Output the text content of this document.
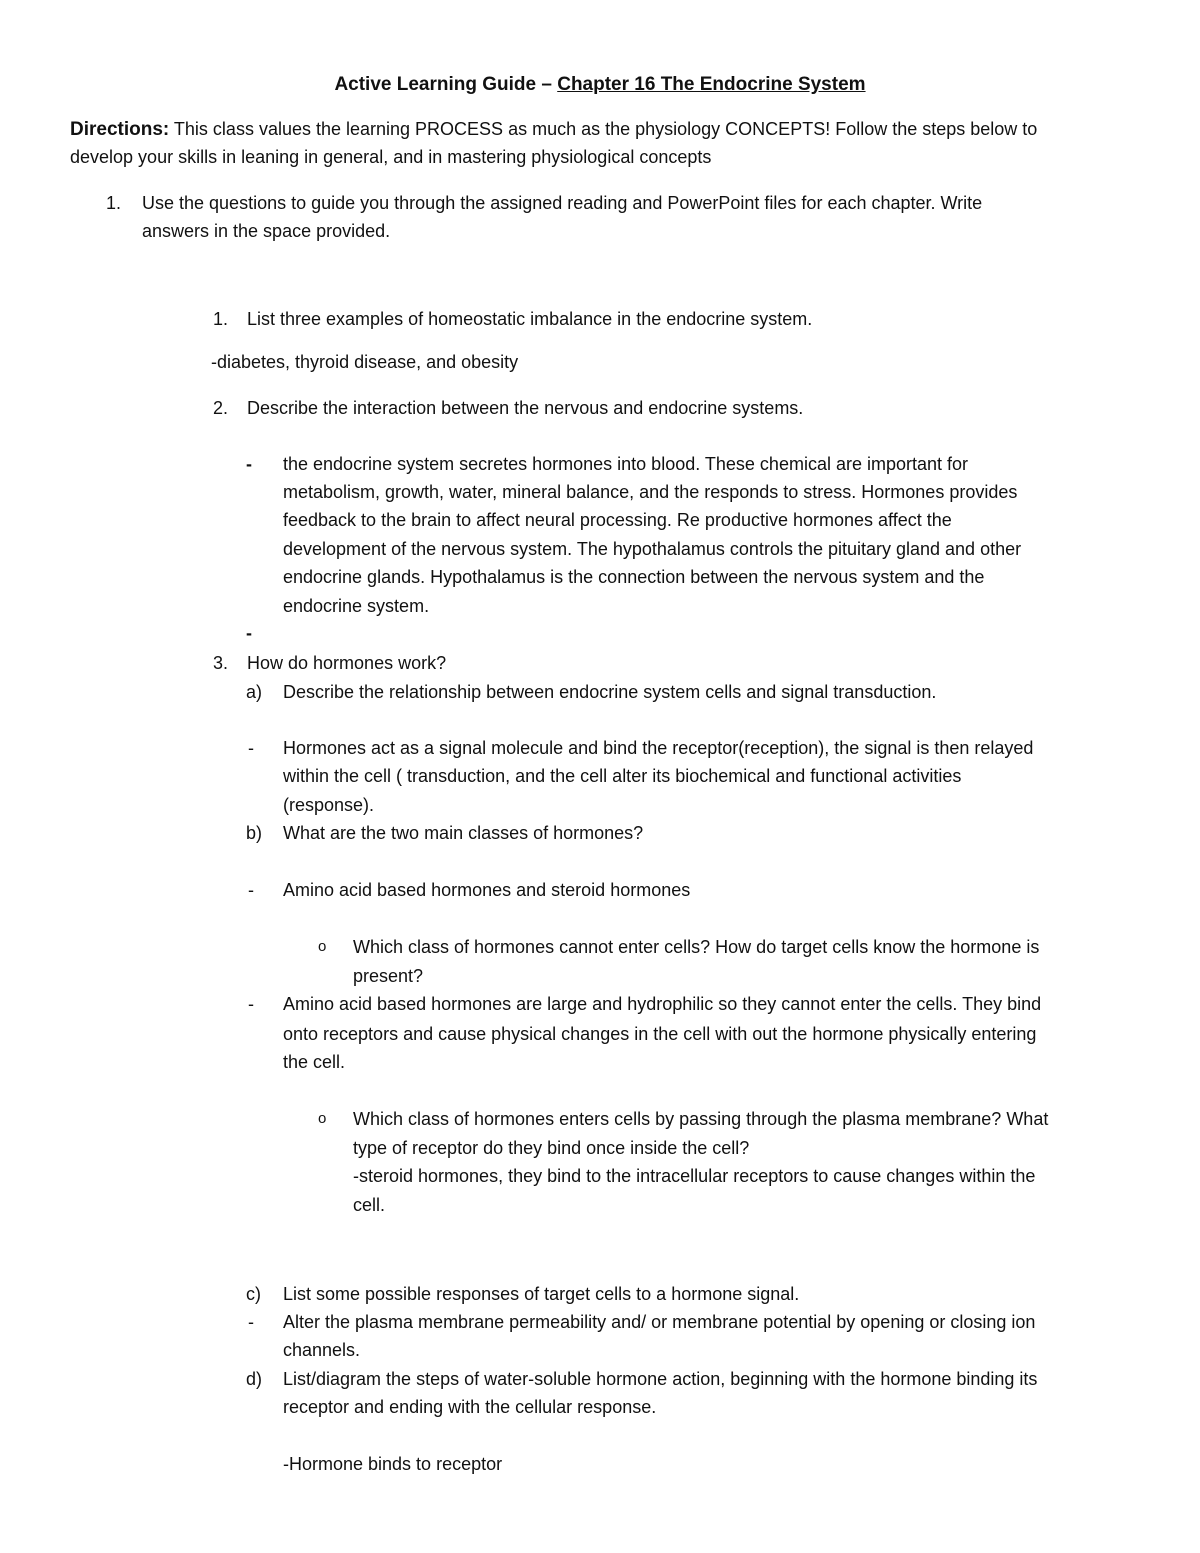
Active Learning Guide – Chapter 16 The Endocrine System
Directions: This class values the learning PROCESS as much as the physiology CONCEPTS! Follow the steps below to
develop your skills in leaning in general, and in mastering physiological concepts
1. Use the questions to guide you through the assigned reading and PowerPoint files for each chapter. Write
answers in the space provided.
1. List three examples of homeostatic imbalance in the endocrine system.
-diabetes, thyroid disease, and obesity
2. Describe the interaction between the nervous and endocrine systems.
- the endocrine system secretes hormones into blood. These chemical are important for
metabolism, growth, water, mineral balance, and the responds to stress. Hormones provides
feedback to the brain to affect neural processing. Re productive hormones affect the
development of the nervous system. The hypothalamus controls the pituitary gland and other
endocrine glands. Hypothalamus is the connection between the nervous system and the
endocrine system.
-
3. How do hormones work?
a) Describe the relationship between endocrine system cells and signal transduction.
- Hormones act as a signal molecule and bind the receptor(reception), the signal is then relayed
within the cell ( transduction, and the cell alter its biochemical and functional activities
(response).
b) What are the two main classes of hormones?
- Amino acid based hormones and steroid hormones
o Which class of hormones cannot enter cells? How do target cells know the hormone is
present?
- Amino acid based hormones are large and hydrophilic so they cannot enter the cells. They bind
onto receptors and cause physical changes in the cell with out the hormone physically entering
the cell.
o Which class of hormones enters cells by passing through the plasma membrane? What
type of receptor do they bind once inside the cell?
-steroid hormones, they bind to the intracellular receptors to cause changes within the
cell.
c) List some possible responses of target cells to a hormone signal.
- Alter the plasma membrane permeability and/ or membrane potential by opening or closing ion
channels.
d) List/diagram the steps of water-soluble hormone action, beginning with the hormone binding its
receptor and ending with the cellular response.
-Hormone binds to receptor
